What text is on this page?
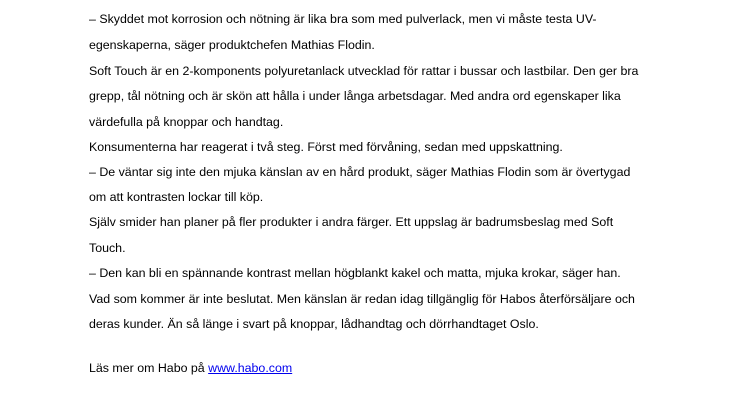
– Skyddet mot korrosion och nötning är lika bra som med pulverlack, men vi måste testa UV-
egenskaperna, säger produktchefen Mathias Flodin.
Soft Touch är en 2-komponents polyuretanlack utvecklad för rattar i bussar och lastbilar. Den ger bra
grepp, tål nötning och är skön att hålla i under långa arbetsdagar. Med andra ord egenskaper lika
värdefulla på knoppar och handtag.
Konsumenterna har reagerat i två steg. Först med förvåning, sedan med uppskattning.
– De väntar sig inte den mjuka känslan av en hård produkt, säger Mathias Flodin som är övertygad
om att kontrasten lockar till köp.
Själv smider han planer på fler produkter i andra färger. Ett uppslag är badrumsbeslag med Soft
Touch.
– Den kan bli en spännande kontrast mellan högblankt kakel och matta, mjuka krokar, säger han.
Vad som kommer är inte beslutat. Men känslan är redan idag tillgänglig för Habos återförsäljare och
deras kunder. Än så länge i svart på knoppar, lådhandtag och dörrhandtaget Oslo.
Läs mer om Habo på www.habo.com
